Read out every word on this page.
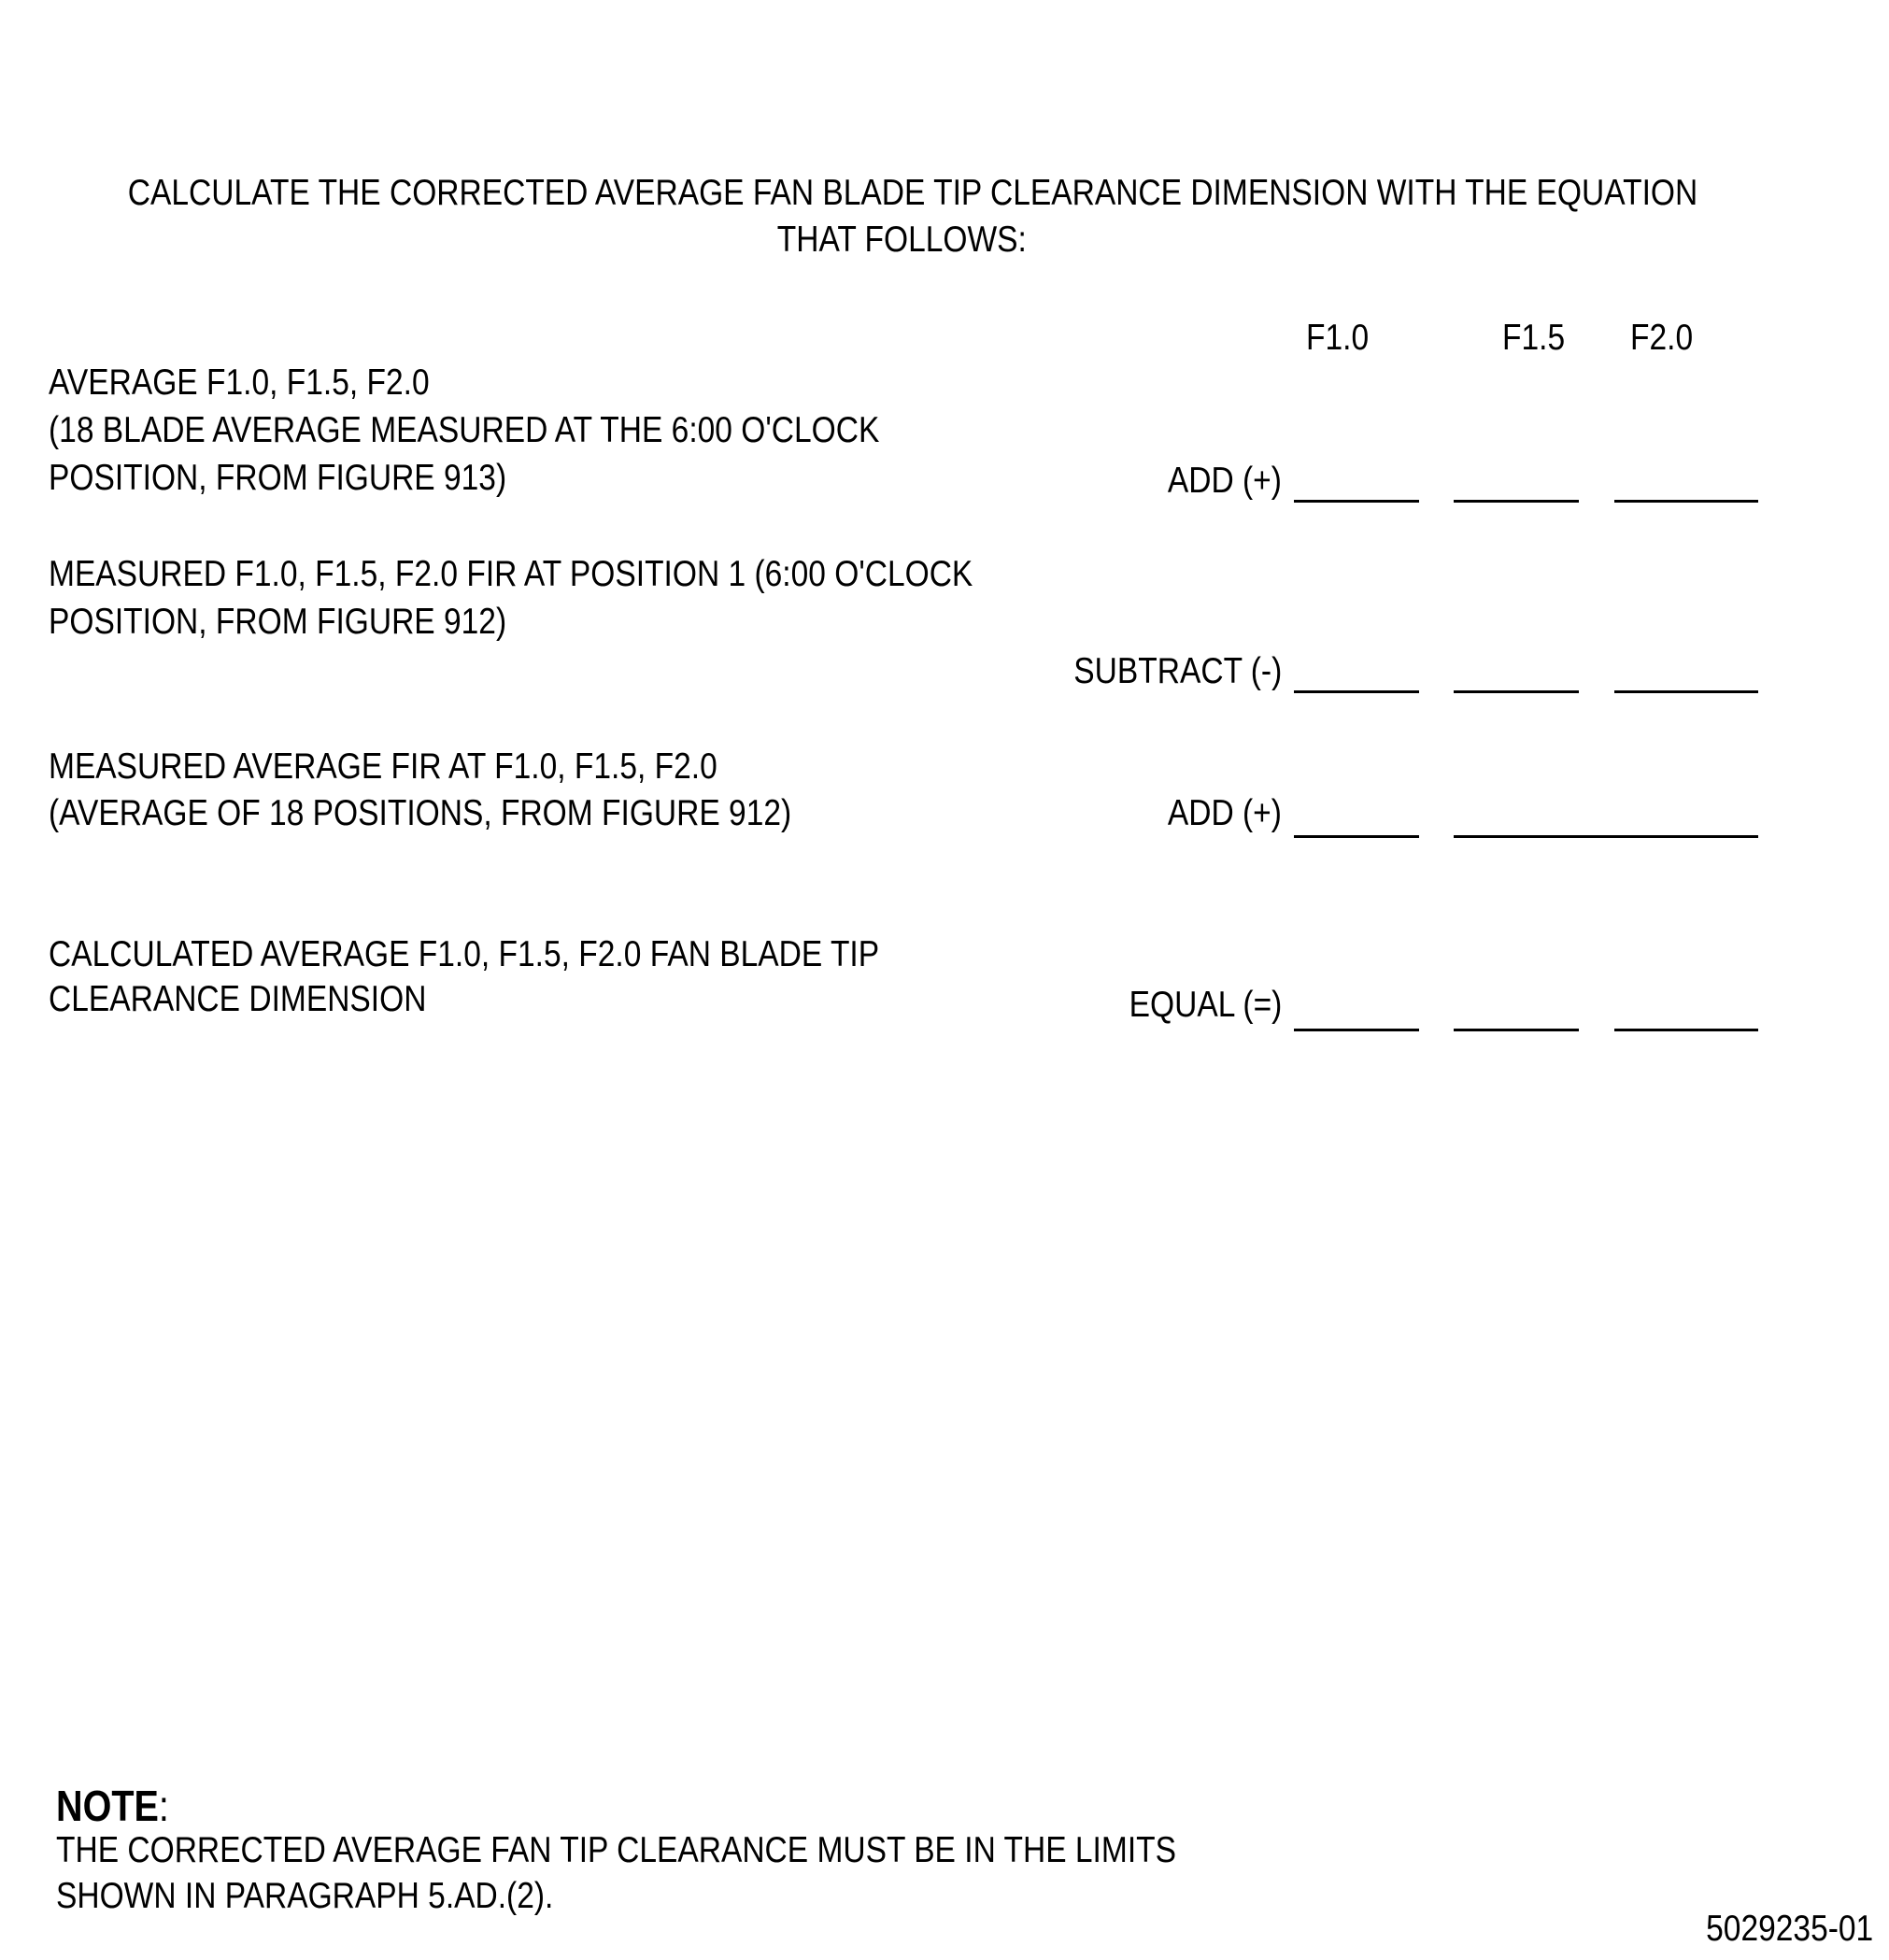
CALCULATE THE CORRECTED AVERAGE FAN BLADE TIP CLEARANCE DIMENSION WITH THE EQUATION
THAT FOLLOWS:
F1.0	F1.5 F2.0
AVERAGE F1.0, F1.5, F2.0
(18 BLADE AVERAGE MEASURED AT THE 6:00 O'CLOCK
POSITION, FROM FIGURE 913)	ADD (+)
MEASURED F1.0, F1.5, F2.0 FIR AT POSITION 1 (6:00 O'CLOCK
POSITION, FROM FIGURE 912)
SUBTRACT (-)
MEASURED AVERAGE FIR AT F1.0, F1.5, F2.0
(AVERAGE OF 18 POSITIONS, FROM FIGURE 912)	ADD (+)
CALCULATED AVERAGE F1.0, F1.5, F2.0 FAN BLADE TIP
CLEARANCE DIMENSION	EQUAL (=)
NOTE:
THE CORRECTED AVERAGE FAN TIP CLEARANCE MUST BE IN THE LIMITS
SHOWN IN PARAGRAPH 5.AD.(2).
5029235-01
